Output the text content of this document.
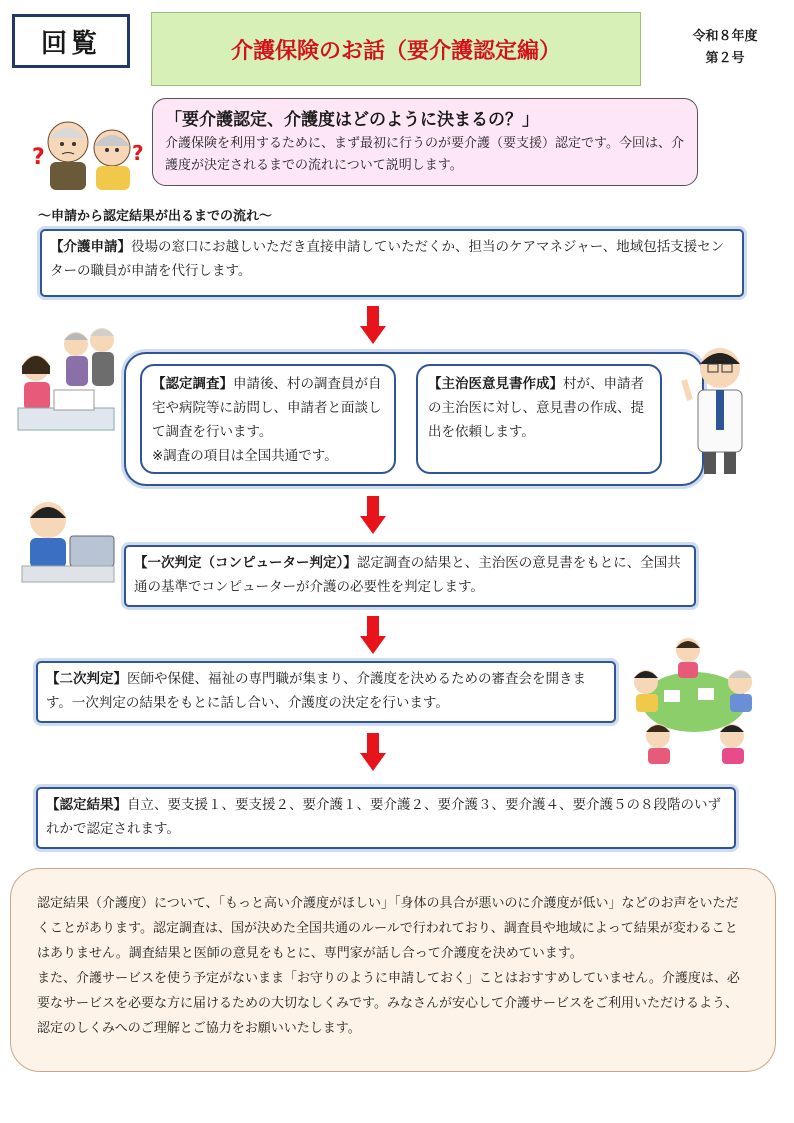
回覧	介護保険のお話（要介護認定編）
令和８年度
第２号
?	?
「要介護認定、介護度はどのように決まるの？」
介護保険を利用するために、まず最初に行うのが要介護（要支援）認定です。今回は、介護度が決定されるまでの流れについて説明します。
～申請から認定結果が出るまでの流れ～
【介護申請】役場の窓口にお越しいただき直接申請していただくか、担当のケアマネジャー、地域包括支援センターの職員が申請を代行します。
【認定調査】申請後、村の調査員が自宅や病院等に訪問し、申請者と面談して調査を行います。
※調査の項目は全国共通です。
【主治医意見書作成】村が、申請者の主治医に対し、意見書の作成、提出を依頼します。
【一次判定（コンピューター判定）】認定調査の結果と、主治医の意見書をもとに、全国共通の基準でコンピューターが介護の必要性を判定します。
【二次判定】医師や保健、福祉の専門職が集まり、介護度を決めるための審査会を開きます。一次判定の結果をもとに話し合い、介護度の決定を行います。
【認定結果】自立、要支援１、要支援２、要介護１、要介護２、要介護３、要介護４、要介護５の８段階のいずれかで認定されます。
認定結果（介護度）について、「もっと高い介護度がほしい」「身体の具合が悪いのに介護度が低い」などのお声をいただくことがあります。認定調査は、国が決めた全国共通のルールで行われており、調査員や地域によって結果が変わることはありません。調査結果と医師の意見をもとに、専門家が話し合って介護度を決めています。
また、介護サービスを使う予定がないまま「お守りのように申請しておく」ことはおすすめしていません。介護度は、必要なサービスを必要な方に届けるための大切なしくみです。みなさんが安心して介護サービスをご利用いただけるよう、認定のしくみへのご理解とご協力をお願いいたします。
